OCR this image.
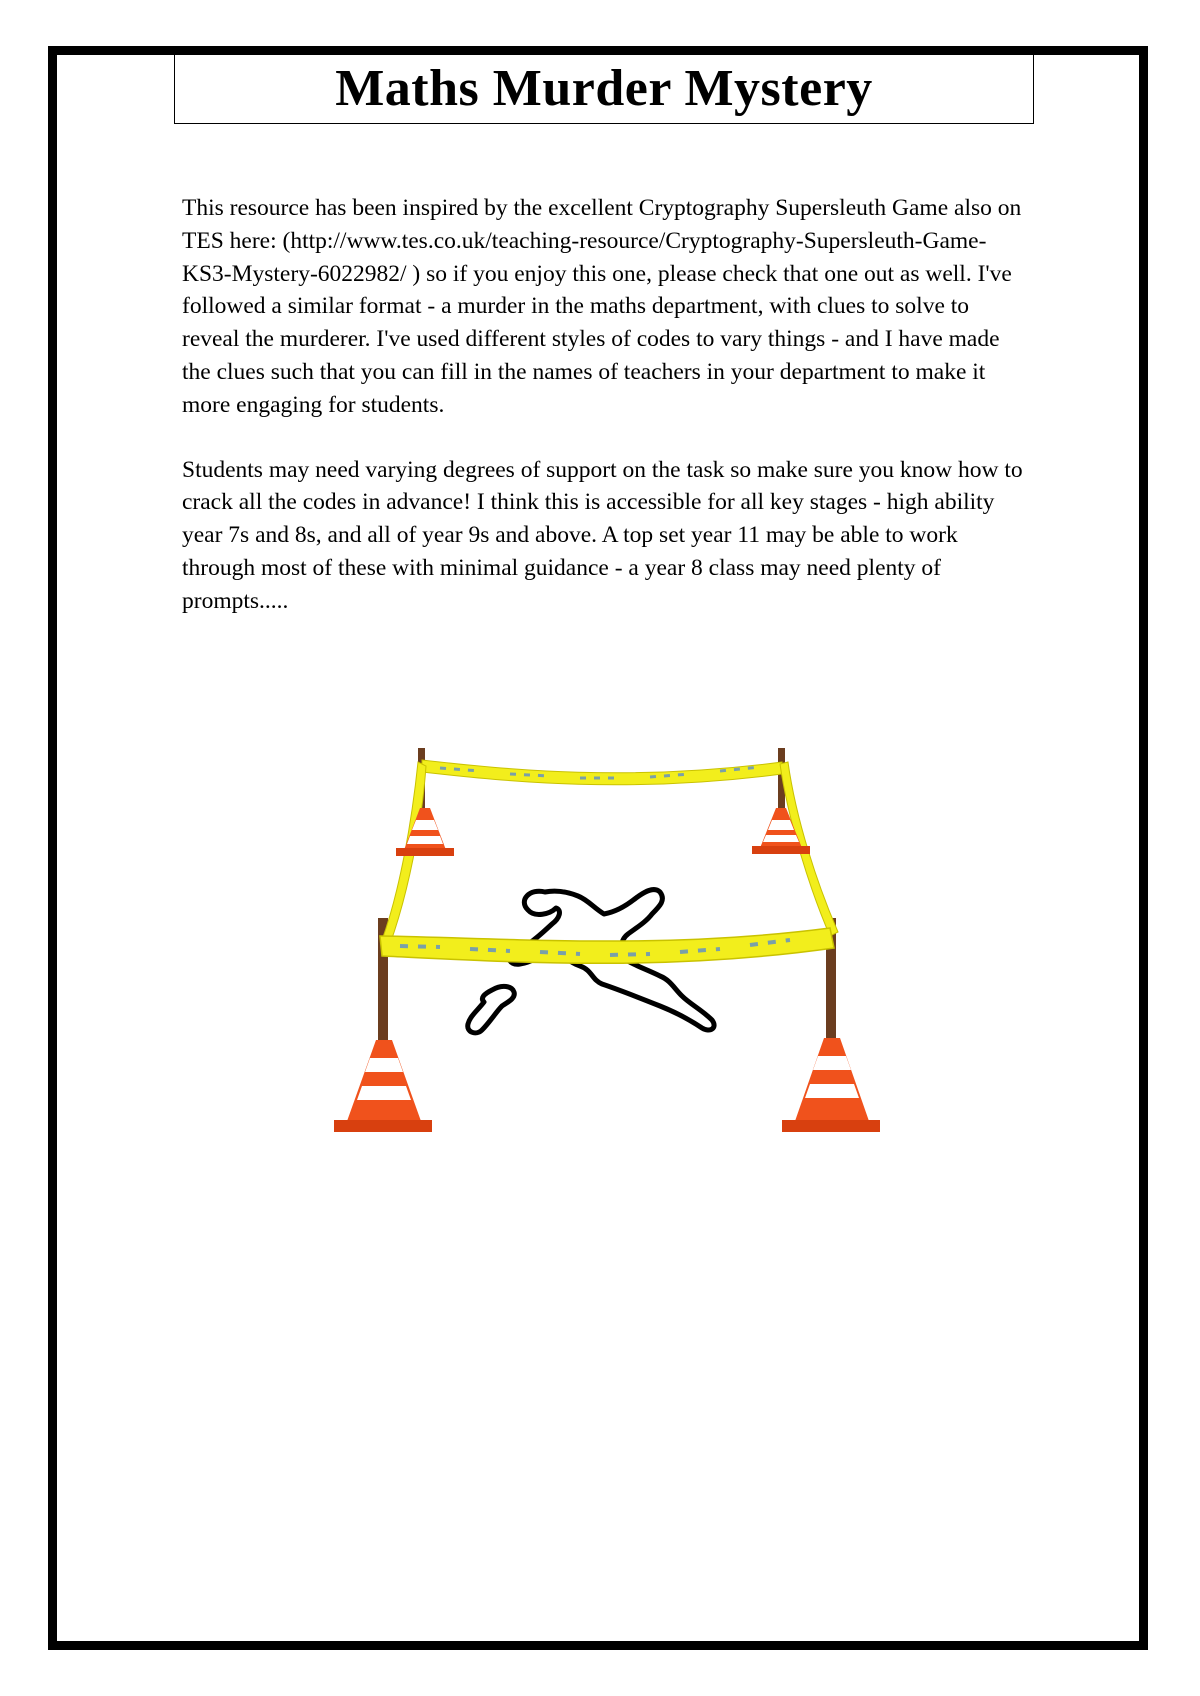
Maths Murder Mystery

This resource has been inspired by the excellent Cryptography Supersleuth Game also on TES here: (http://www.tes.co.uk/teaching-resource/Cryptography-Supersleuth-Game-KS3-Mystery-6022982/ ) so if you enjoy this one, please check that one out as well. I've followed a similar format - a murder in the maths department, with clues to solve to reveal the murderer. I've used different styles of codes to vary things - and I have made the clues such that you can fill in the names of teachers in your department to make it more engaging for students.

Students may need varying degrees of support on the task so make sure you know how to crack all the codes in advance! I think this is accessible for all key stages - high ability year 7s and 8s, and all of year 9s and above. A top set year 11 may be able to work through most of these with minimal guidance - a year 8 class may need plenty of prompts.....
